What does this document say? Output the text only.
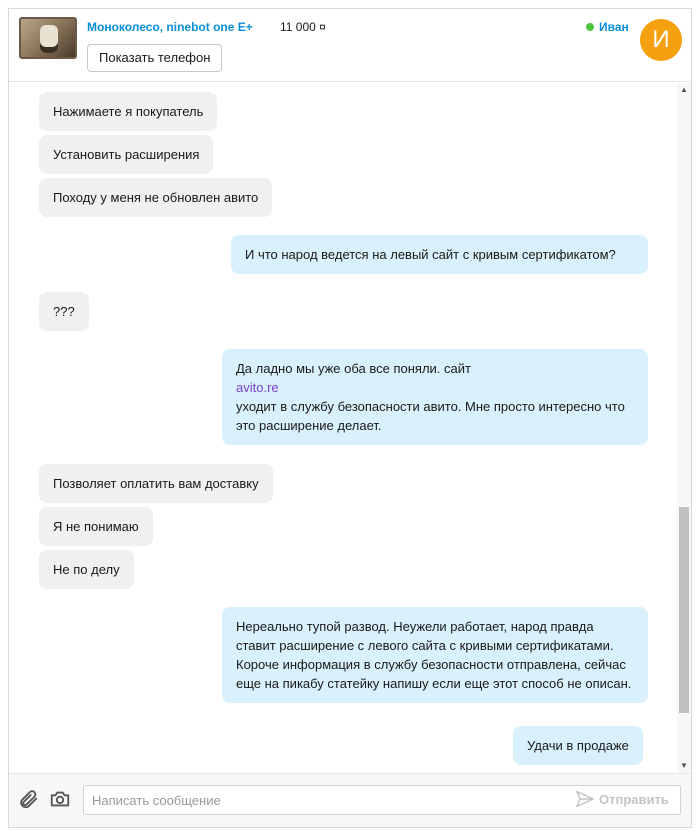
Моноколесо, ninebot one E+ 11 000 ¤
Показать телефон
Иван И
Нажимаете я покупатель
Установить расширения
Походу у меня не обновлен авито
И что народ ведется на левый сайт с кривым сертификатом?
???
Да ладно мы уже оба все поняли. сайт
avito.re
уходит в службу безопасности авито. Мне просто интересно что это расширение делает.
Позволяет оплатить вам доставку
Я не понимаю
Не по делу
Нереально тупой развод. Неужели работает, народ правда ставит расширение с левого сайта с кривыми сертификатами. Короче информация в службу безопасности отправлена, сейчас еще на пикабу статейку напишу если еще этот способ не описан.
Удачи в продаже
▲
▼
Написать сообщение
Отправить
